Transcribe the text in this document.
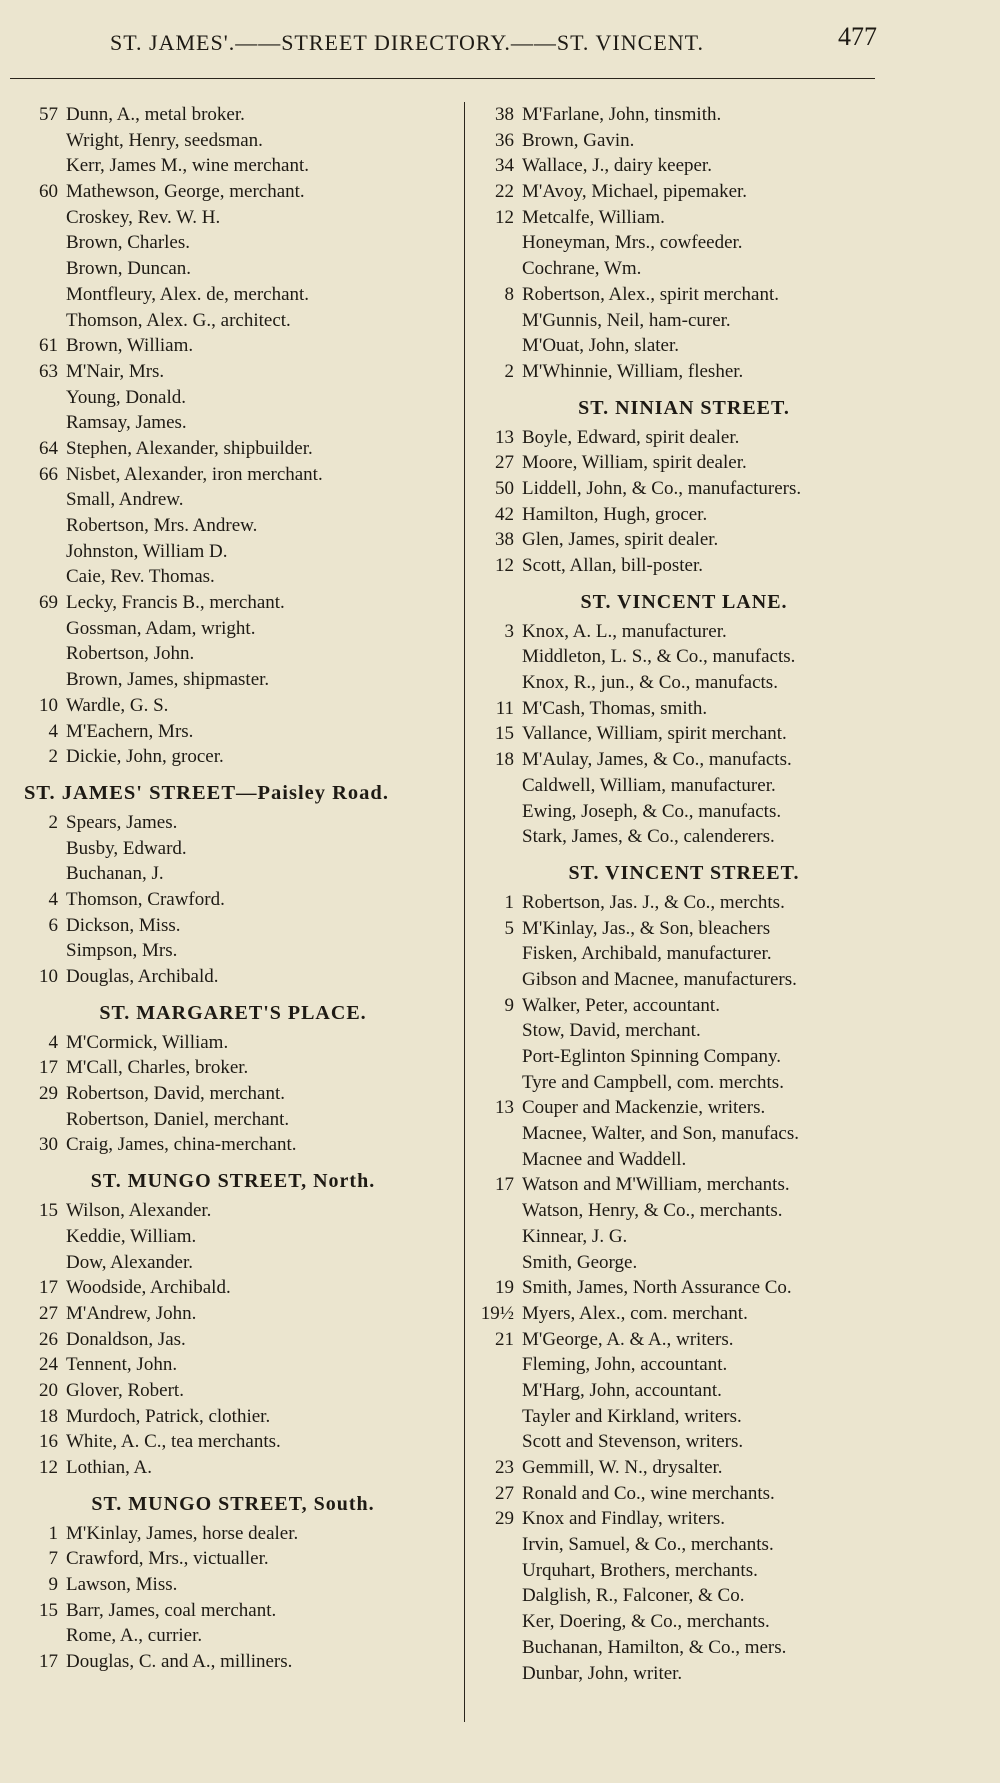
ST. JAMES'.——STREET DIRECTORY.——ST. VINCENT.	477
57 Dunn, A., metal broker.
Wright, Henry, seedsman.
Kerr, James M., wine merchant.
60 Mathewson, George, merchant.
Croskey, Rev. W. H.
Brown, Charles.
Brown, Duncan.
Montfleury, Alex. de, merchant.
Thomson, Alex. G., architect.
61 Brown, William.
63 M'Nair, Mrs.
Young, Donald.
Ramsay, James.
64 Stephen, Alexander, shipbuilder.
66 Nisbet, Alexander, iron merchant.
Small, Andrew.
Robertson, Mrs. Andrew.
Johnston, William D.
Caie, Rev. Thomas.
69 Lecky, Francis B., merchant.
Gossman, Adam, wright.
Robertson, John.
Brown, James, shipmaster.
10 Wardle, G. S.
4 M'Eachern, Mrs.
2 Dickie, John, grocer.
ST. JAMES' STREET—Paisley Road.
2 Spears, James.
Busby, Edward.
Buchanan, J.
4 Thomson, Crawford.
6 Dickson, Miss.
Simpson, Mrs.
10 Douglas, Archibald.
ST. MARGARET'S PLACE.
4 M'Cormick, William.
17 M'Call, Charles, broker.
29 Robertson, David, merchant.
Robertson, Daniel, merchant.
30 Craig, James, china-merchant.
ST. MUNGO STREET, North.
15 Wilson, Alexander.
Keddie, William.
Dow, Alexander.
17 Woodside, Archibald.
27 M'Andrew, John.
26 Donaldson, Jas.
24 Tennent, John.
20 Glover, Robert.
18 Murdoch, Patrick, clothier.
16 White, A. C., tea merchants.
12 Lothian, A.
ST. MUNGO STREET, South.
1 M'Kinlay, James, horse dealer.
7 Crawford, Mrs., victualler.
9 Lawson, Miss.
15 Barr, James, coal merchant.
Rome, A., currier.
17 Douglas, C. and A., milliners.
38 M'Farlane, John, tinsmith.
36 Brown, Gavin.
34 Wallace, J., dairy keeper.
22 M'Avoy, Michael, pipemaker.
12 Metcalfe, William.
Honeyman, Mrs., cowfeeder.
Cochrane, Wm.
8 Robertson, Alex., spirit merchant.
M'Gunnis, Neil, ham-curer.
M'Ouat, John, slater.
2 M'Whinnie, William, flesher.
ST. NINIAN STREET.
13 Boyle, Edward, spirit dealer.
27 Moore, William, spirit dealer.
50 Liddell, John, & Co., manufacturers.
42 Hamilton, Hugh, grocer.
38 Glen, James, spirit dealer.
12 Scott, Allan, bill-poster.
ST. VINCENT LANE.
3 Knox, A. L., manufacturer.
Middleton, L. S., & Co., manufacts.
Knox, R., jun., & Co., manufacts.
11 M'Cash, Thomas, smith.
15 Vallance, William, spirit merchant.
18 M'Aulay, James, & Co., manufacts.
Caldwell, William, manufacturer.
Ewing, Joseph, & Co., manufacts.
Stark, James, & Co., calenderers.
ST. VINCENT STREET.
1 Robertson, Jas. J., & Co., merchts.
5 M'Kinlay, Jas., & Son, bleachers
Fisken, Archibald, manufacturer.
Gibson and Macnee, manufacturers.
9 Walker, Peter, accountant.
Stow, David, merchant.
Port-Eglinton Spinning Company.
Tyre and Campbell, com. merchts.
13 Couper and Mackenzie, writers.
Macnee, Walter, and Son, manufacs.
Macnee and Waddell.
17 Watson and M'William, merchants.
Watson, Henry, & Co., merchants.
Kinnear, J. G.
Smith, George.
19 Smith, James, North Assurance Co.
19½ Myers, Alex., com. merchant.
21 M'George, A. & A., writers.
Fleming, John, accountant.
M'Harg, John, accountant.
Tayler and Kirkland, writers.
Scott and Stevenson, writers.
23 Gemmill, W. N., drysalter.
27 Ronald and Co., wine merchants.
29 Knox and Findlay, writers.
Irvin, Samuel, & Co., merchants.
Urquhart, Brothers, merchants.
Dalglish, R., Falconer, & Co.
Ker, Doering, & Co., merchants.
Buchanan, Hamilton, & Co., mers.
Dunbar, John, writer.
